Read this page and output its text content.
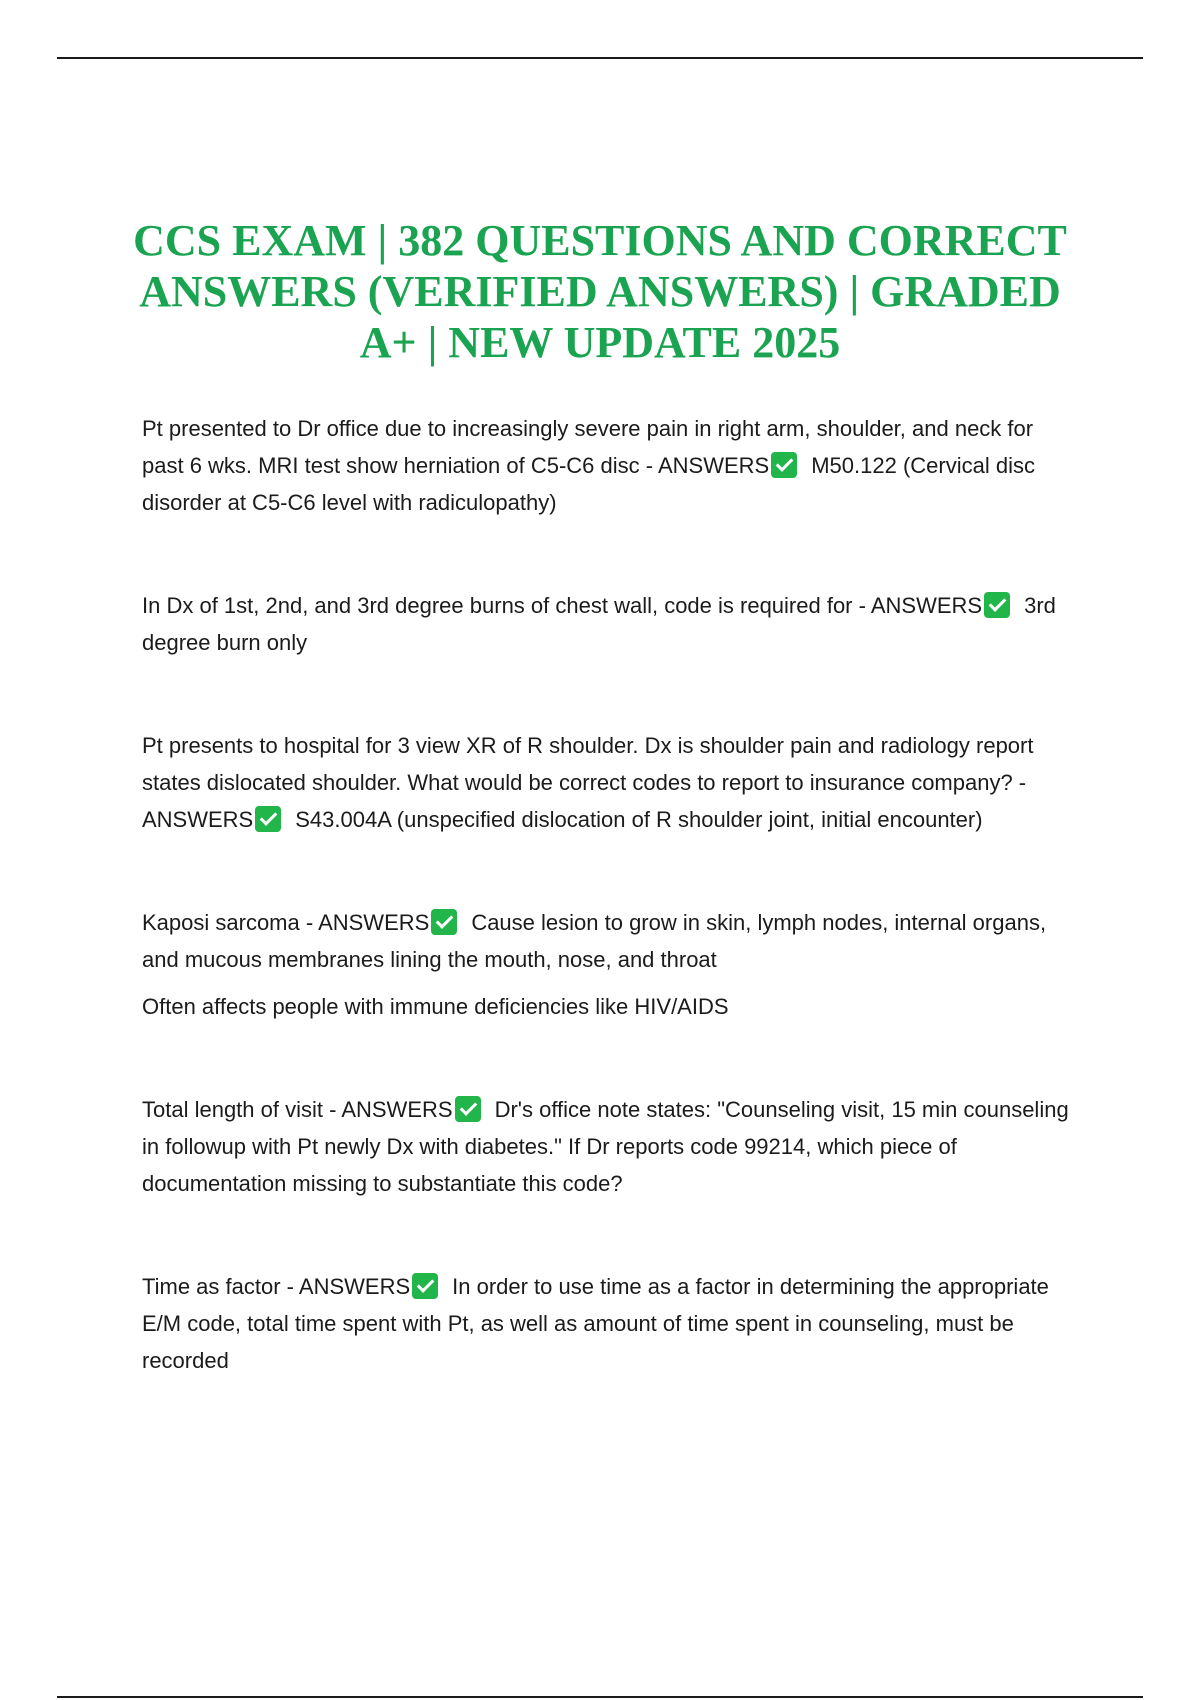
CCS EXAM | 382 QUESTIONS AND CORRECT ANSWERS (VERIFIED ANSWERS) | GRADED A+ | NEW UPDATE 2025

Pt presented to Dr office due to increasingly severe pain in right arm, shoulder, and neck for past 6 wks. MRI test show herniation of C5-C6 disc - ANSWERS M50.122 (Cervical disc disorder at C5-C6 level with radiculopathy)

In Dx of 1st, 2nd, and 3rd degree burns of chest wall, code is required for - ANSWERS 3rd degree burn only

Pt presents to hospital for 3 view XR of R shoulder. Dx is shoulder pain and radiology report states dislocated shoulder. What would be correct codes to report to insurance company? - ANSWERS S43.004A (unspecified dislocation of R shoulder joint, initial encounter)

Kaposi sarcoma - ANSWERS Cause lesion to grow in skin, lymph nodes, internal organs, and mucous membranes lining the mouth, nose, and throat

Often affects people with immune deficiencies like HIV/AIDS

Total length of visit - ANSWERS Dr's office note states: "Counseling visit, 15 min counseling in followup with Pt newly Dx with diabetes." If Dr reports code 99214, which piece of documentation missing to substantiate this code?

Time as factor - ANSWERS In order to use time as a factor in determining the appropriate E/M code, total time spent with Pt, as well as amount of time spent in counseling, must be recorded
